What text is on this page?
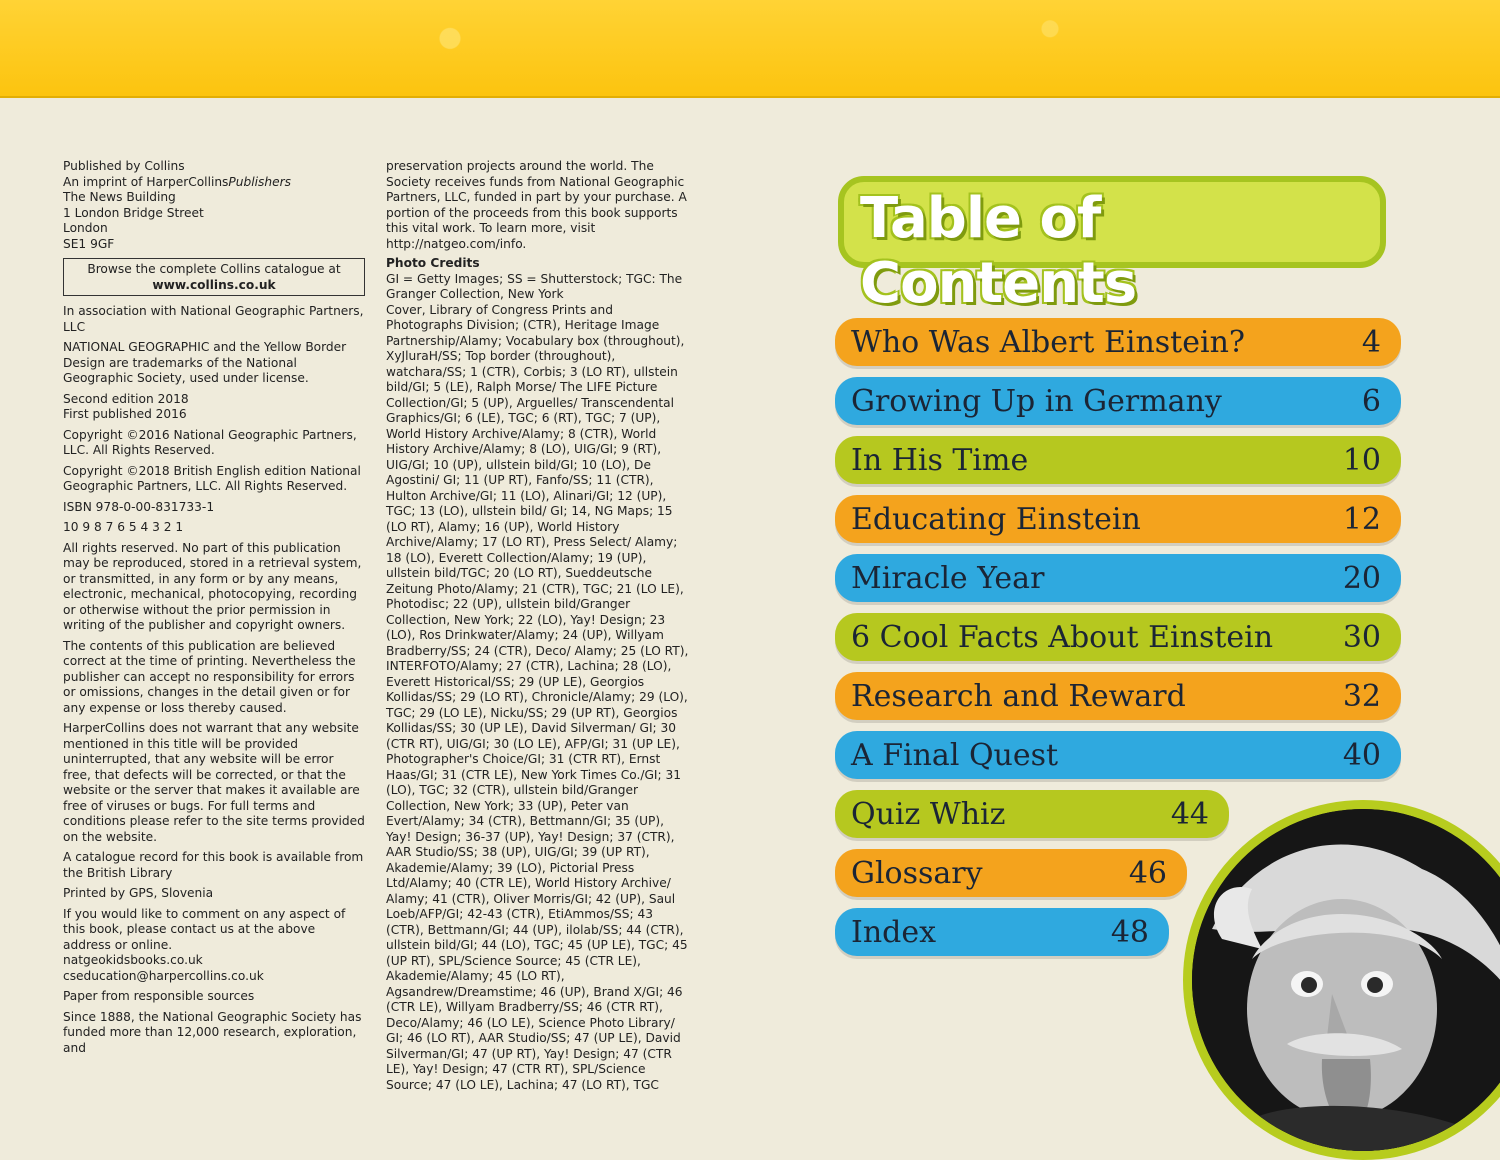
Published by Collins
An imprint of HarperCollinsPublishers
The News Building
1 London Bridge Street
London
SE1 9GF

Browse the complete Collins catalogue at
www.collins.co.uk

In association with National Geographic Partners, LLC

NATIONAL GEOGRAPHIC and the Yellow Border Design are trademarks of the National Geographic Society, used under license.

Second edition 2018
First published 2016

Copyright ©2016 National Geographic Partners, LLC. All Rights Reserved.

Copyright ©2018 British English edition National Geographic Partners, LLC. All Rights Reserved.

ISBN 978-0-00-831733-1

10 9 8 7 6 5 4 3 2 1

All rights reserved. No part of this publication may be reproduced, stored in a retrieval system, or transmitted, in any form or by any means, electronic, mechanical, photocopying, recording or otherwise without the prior permission in writing of the publisher and copyright owners.

The contents of this publication are believed correct at the time of printing. Nevertheless the publisher can accept no responsibility for errors or omissions, changes in the detail given or for any expense or loss thereby caused.

HarperCollins does not warrant that any website mentioned in this title will be provided uninterrupted, that any website will be error free, that defects will be corrected, or that the website or the server that makes it available are free of viruses or bugs. For full terms and conditions please refer to the site terms provided on the website.

A catalogue record for this book is available from the British Library

Printed by GPS, Slovenia

If you would like to comment on any aspect of this book, please contact us at the above address or online.
natgeokidsbooks.co.uk
cseducation@harpercollins.co.uk

Paper from responsible sources

Since 1888, the National Geographic Society has funded more than 12,000 research, exploration, and

preservation projects around the world. The Society receives funds from National Geographic Partners, LLC, funded in part by your purchase. A portion of the proceeds from this book supports this vital work. To learn more, visit http://natgeo.com/info.

Photo Credits

GI = Getty Images; SS = Shutterstock; TGC: The Granger Collection, New York

Cover, Library of Congress Prints and Photographs Division; (CTR), Heritage Image Partnership/Alamy; Vocabulary box (throughout), XyJluraH/SS; Top border (throughout), watchara/SS; 1 (CTR), Corbis; 3 (LO RT), ullstein bild/GI; 5 (LE), Ralph Morse/ The LIFE Picture Collection/GI; 5 (UP), Arguelles/ Transcendental Graphics/GI; 6 (LE), TGC; 6 (RT), TGC; 7 (UP), World History Archive/Alamy; 8 (CTR), World History Archive/Alamy; 8 (LO), UIG/GI; 9 (RT), UIG/GI; 10 (UP), ullstein bild/GI; 10 (LO), De Agostini/ GI; 11 (UP RT), Fanfo/SS; 11 (CTR), Hulton Archive/GI; 11 (LO), Alinari/GI; 12 (UP), TGC; 13 (LO), ullstein bild/ GI; 14, NG Maps; 15 (LO RT), Alamy; 16 (UP), World History Archive/Alamy; 17 (LO RT), Press Select/ Alamy; 18 (LO), Everett Collection/Alamy; 19 (UP), ullstein bild/TGC; 20 (LO RT), Sueddeutsche Zeitung Photo/Alamy; 21 (CTR), TGC; 21 (LO LE), Photodisc; 22 (UP), ullstein bild/Granger Collection, New York; 22 (LO), Yay! Design; 23 (LO), Ros Drinkwater/Alamy; 24 (UP), Willyam Bradberry/SS; 24 (CTR), Deco/ Alamy; 25 (LO RT), INTERFOTO/Alamy; 27 (CTR), Lachina; 28 (LO), Everett Historical/SS; 29 (UP LE), Georgios Kollidas/SS; 29 (LO RT), Chronicle/Alamy; 29 (LO), TGC; 29 (LO LE), Nicku/SS; 29 (UP RT), Georgios Kollidas/SS; 30 (UP LE), David Silverman/ GI; 30 (CTR RT), UIG/GI; 30 (LO LE), AFP/GI; 31 (UP LE), Photographer's Choice/GI; 31 (CTR RT), Ernst Haas/GI; 31 (CTR LE), New York Times Co./GI; 31 (LO), TGC; 32 (CTR), ullstein bild/Granger Collection, New York; 33 (UP), Peter van Evert/Alamy; 34 (CTR), Bettmann/GI; 35 (UP), Yay! Design; 36-37 (UP), Yay! Design; 37 (CTR), AAR Studio/SS; 38 (UP), UIG/GI; 39 (UP RT), Akademie/Alamy; 39 (LO), Pictorial Press Ltd/Alamy; 40 (CTR LE), World History Archive/ Alamy; 41 (CTR), Oliver Morris/GI; 42 (UP), Saul Loeb/AFP/GI; 42-43 (CTR), EtiAmmos/SS; 43 (CTR), Bettmann/GI; 44 (UP), ilolab/SS; 44 (CTR), ullstein bild/GI; 44 (LO), TGC; 45 (UP LE), TGC; 45 (UP RT), SPL/Science Source; 45 (CTR LE), Akademie/Alamy; 45 (LO RT), Agsandrew/Dreamstime; 46 (UP), Brand X/GI; 46 (CTR LE), Willyam Bradberry/SS; 46 (CTR RT), Deco/Alamy; 46 (LO LE), Science Photo Library/ GI; 46 (LO RT), AAR Studio/SS; 47 (UP LE), David Silverman/GI; 47 (UP RT), Yay! Design; 47 (CTR LE), Yay! Design; 47 (CTR RT), SPL/Science Source; 47 (LO LE), Lachina; 47 (LO RT), TGC

Table of Contents
Who Was Albert Einstein?	4
Growing Up in Germany	6
In His Time	10
Educating Einstein	12
Miracle Year	20
6 Cool Facts About Einstein 30
Research and Reward	32
A Final Quest	40
Quiz Whiz	44
Glossary	46
Index	48
